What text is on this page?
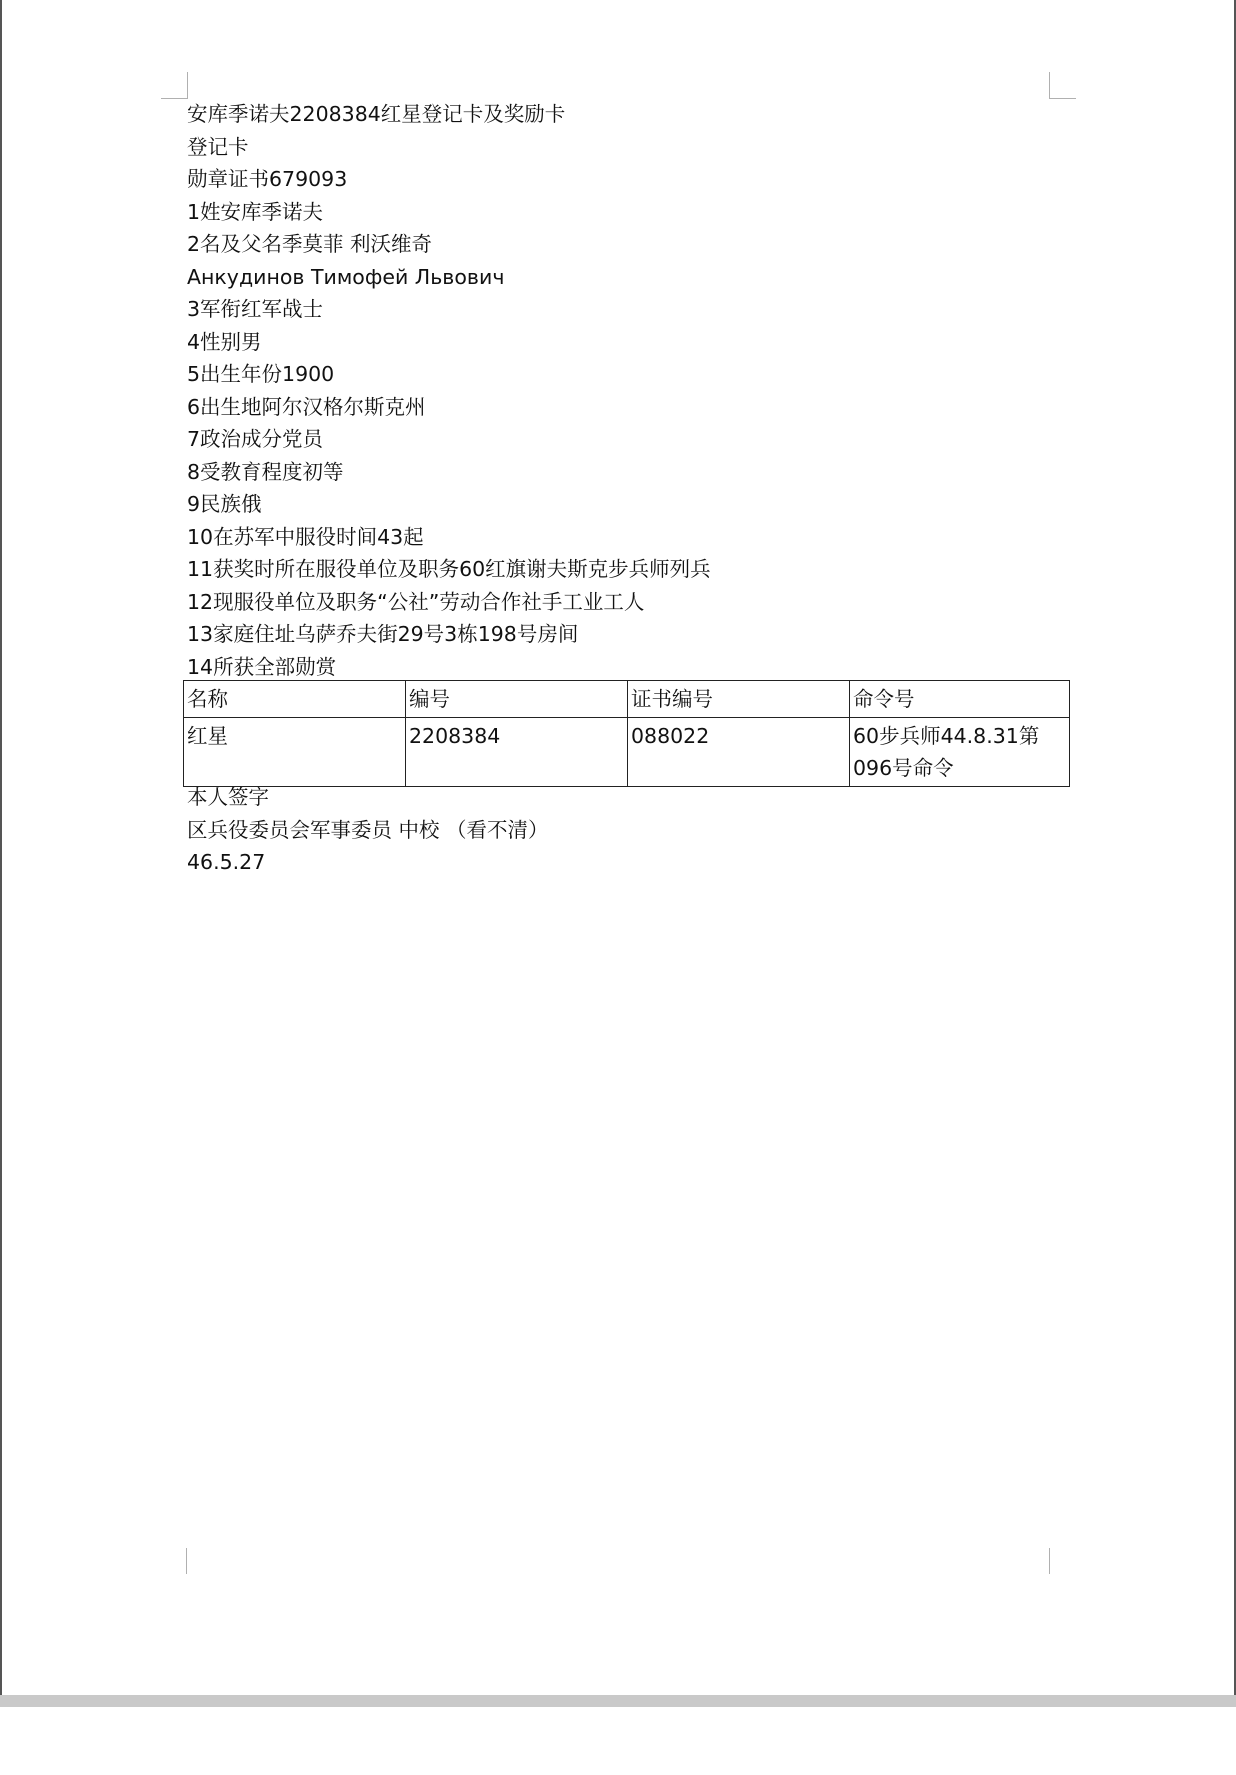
安库季诺夫2208384红星登记卡及奖励卡
登记卡
勋章证书679093
1姓安库季诺夫
2名及父名季莫菲 利沃维奇
Анкудинов Тимофей Львович
3军衔红军战士
4性别男
5出生年份1900
6出生地阿尔汉格尔斯克州
7政治成分党员
8受教育程度初等
9民族俄
10在苏军中服役时间43起
11获奖时所在服役单位及职务60红旗谢夫斯克步兵师列兵
12现服役单位及职务“公社”劳动合作社手工业工人
13家庭住址乌萨乔夫街29号3栋198号房间
14所获全部勋赏
名称	编号	证书编号	命令号
红星	2208384	088022	60步兵师44.8.31第096号命令
本人签字
区兵役委员会军事委员 中校 （看不清）
46.5.27
